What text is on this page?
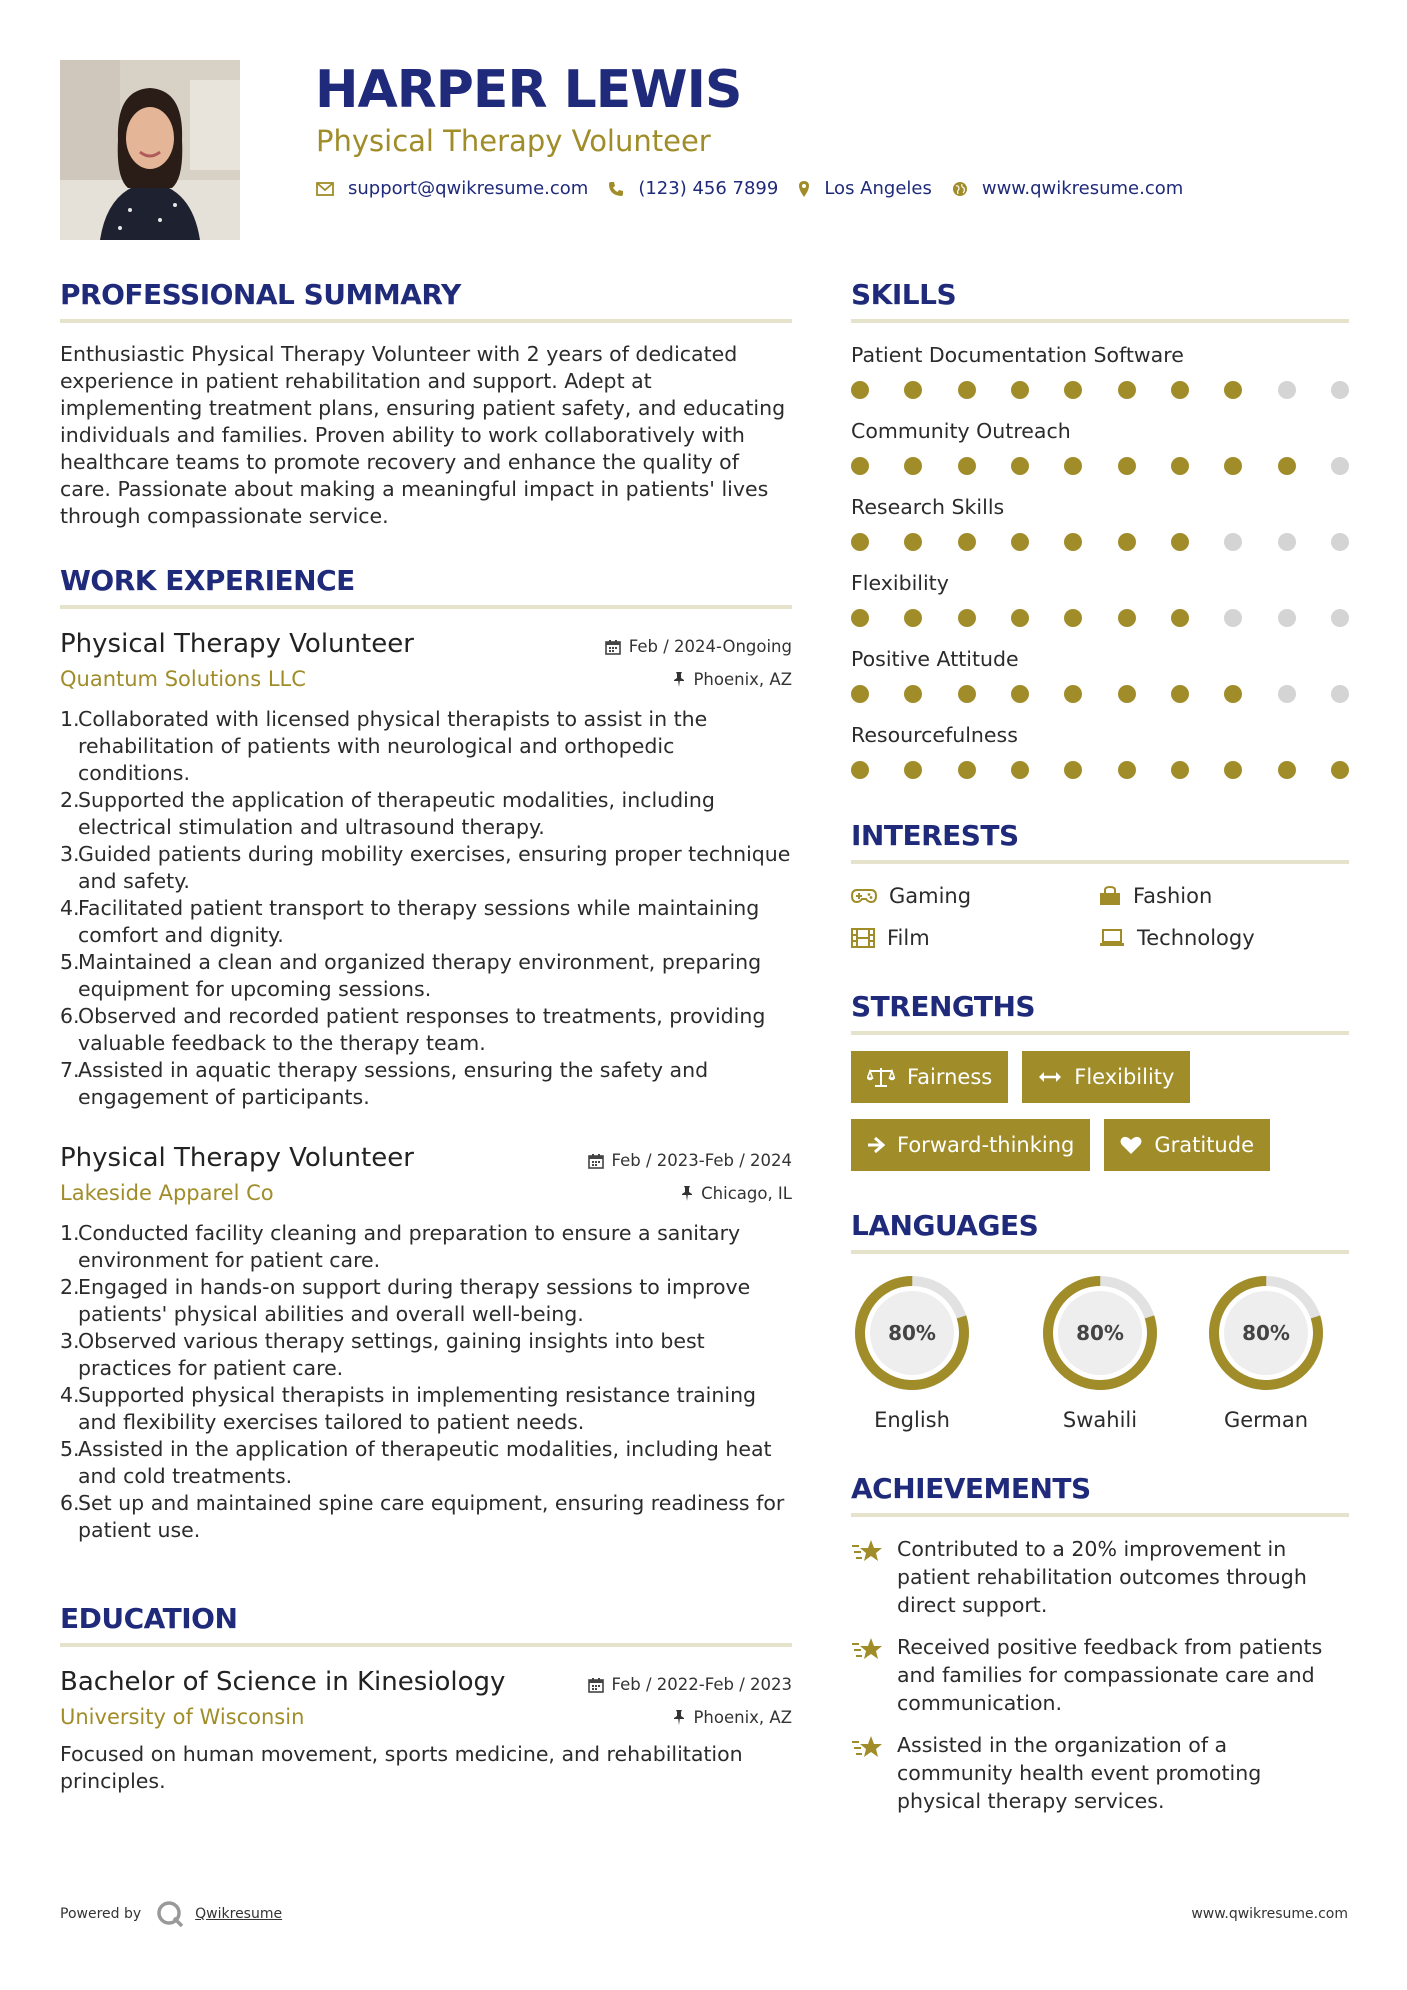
HARPER LEWIS
Physical Therapy Volunteer
support@qwikresume.com	(123) 456 7899	Los Angeles	www.qwikresume.com
PROFESSIONAL SUMMARY

Enthusiastic Physical Therapy Volunteer with 2 years of dedicated experience in patient rehabilitation and support. Adept at implementing treatment plans, ensuring patient safety, and educating individuals and families. Proven ability to work collaboratively with healthcare teams to promote recovery and enhance the quality of care. Passionate about making a meaningful impact in patients' lives through compassionate service.

WORK EXPERIENCE
Physical Therapy Volunteer	Feb / 2024-Ongoing
Quantum Solutions LLC	Phoenix, AZ
1.
Collaborated with licensed physical therapists to assist in the rehabilitation of patients with neurological and orthopedic conditions.
2.
Supported the application of therapeutic modalities, including electrical stimulation and ultrasound therapy.
3.
Guided patients during mobility exercises, ensuring proper technique and safety.
4.
Facilitated patient transport to therapy sessions while maintaining comfort and dignity.
5.
Maintained a clean and organized therapy environment, preparing equipment for upcoming sessions.
6.
Observed and recorded patient responses to treatments, providing valuable feedback to the therapy team.
7.
Assisted in aquatic therapy sessions, ensuring the safety and engagement of participants.
Physical Therapy Volunteer	Feb / 2023-Feb / 2024
Lakeside Apparel Co	Chicago, IL
1.
Conducted facility cleaning and preparation to ensure a sanitary environment for patient care.
2.
Engaged in hands-on support during therapy sessions to improve patients' physical abilities and overall well-being.
3.
Observed various therapy settings, gaining insights into best practices for patient care.
4.
Supported physical therapists in implementing resistance training and flexibility exercises tailored to patient needs.
5.
Assisted in the application of therapeutic modalities, including heat and cold treatments.
6.
Set up and maintained spine care equipment, ensuring readiness for patient use.
EDUCATION
Bachelor of Science in Kinesiology	Feb / 2022-Feb / 2023
University of Wisconsin	Phoenix, AZ

Focused on human movement, sports medicine, and rehabilitation principles.

SKILLS
Patient Documentation Software
Community Outreach
Research Skills
Flexibility
Positive Attitude
Resourcefulness
INTERESTS
Gaming	Fashion
Film	Technology
STRENGTHS
Fairness	Flexibility
Forward-thinking	Gratitude
LANGUAGES
80%
English
80%
Swahili
80%
German
ACHIEVEMENTS
Contributed to a 20% improvement in patient rehabilitation outcomes through direct support.
Received positive feedback from patients and families for compassionate care and communication.
Assisted in the organization of a community health event promoting physical therapy services.
Powered by	Qwikresume	www.qwikresume.com
